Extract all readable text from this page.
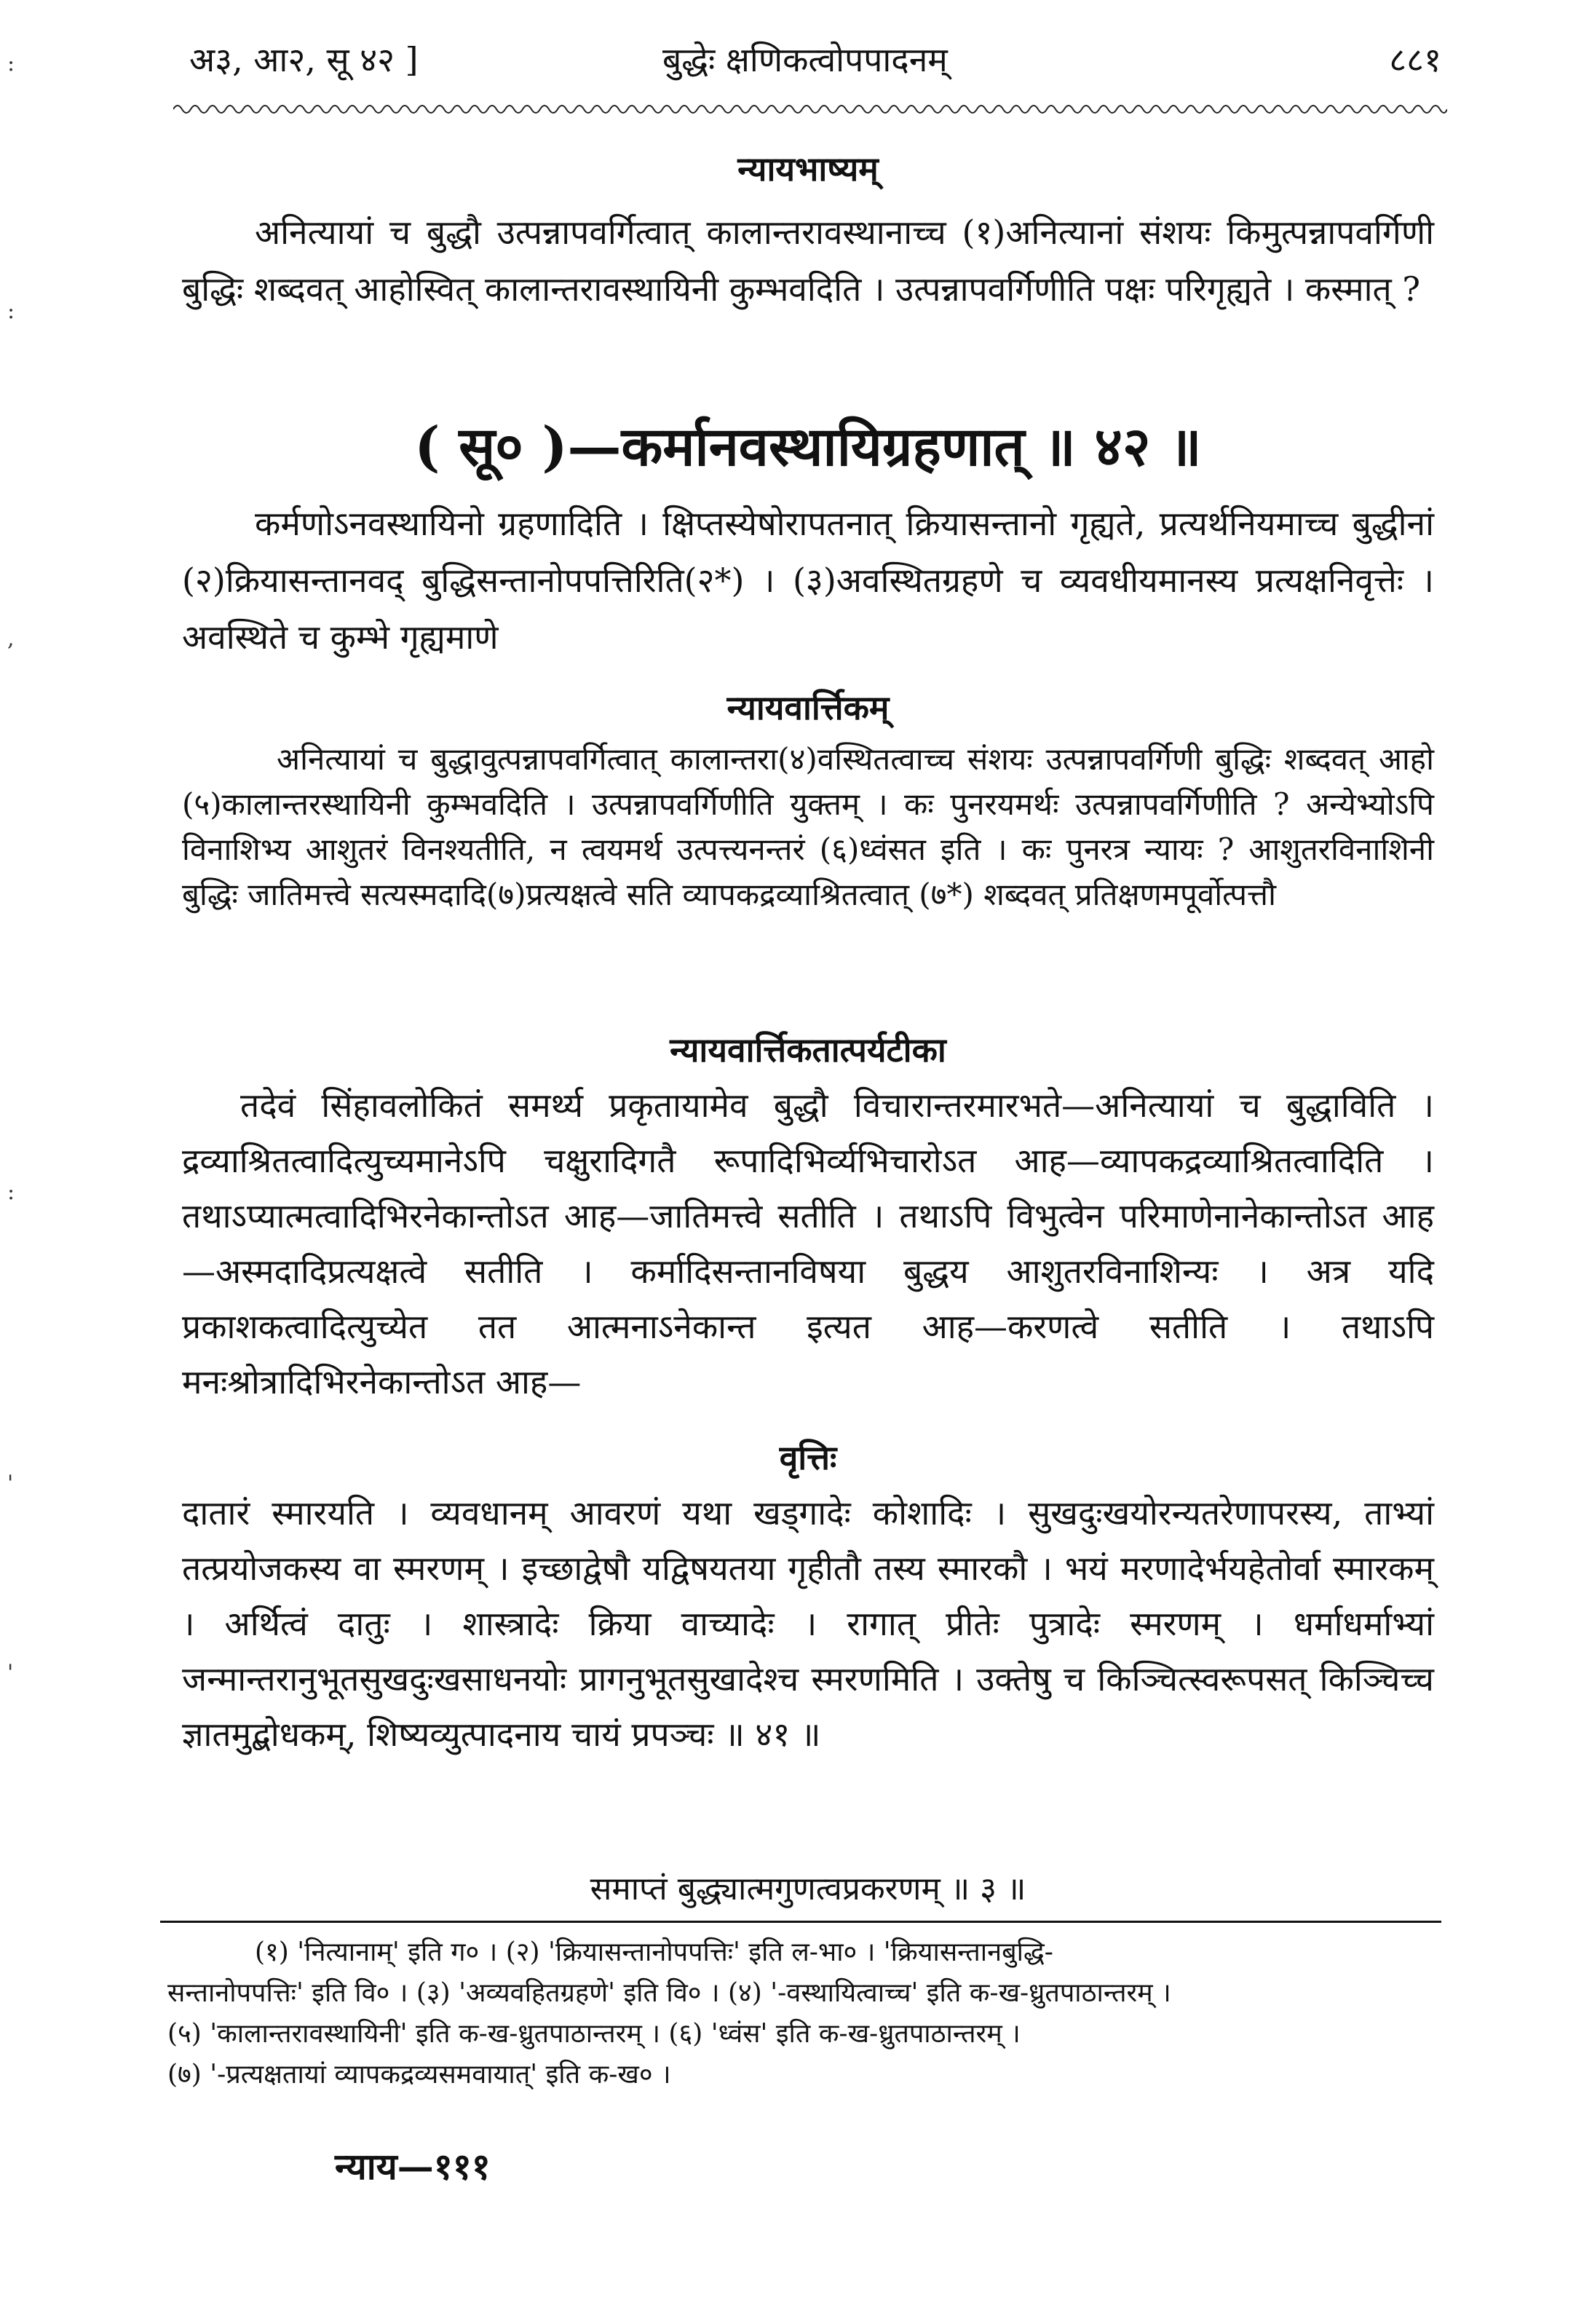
अ३, आ२, सू ४२ ]	बुद्धेः क्षणिकत्वोपपादनम्	८८१

न्यायभाष्यम्

अनित्यायां च बुद्धौ उत्पन्नापवर्गित्वात् कालान्तरावस्थानाच्च (१)अनित्यानां संशयः किमुत्पन्नापवर्गिणी बुद्धिः शब्दवत् आहोस्वित् कालान्तरावस्थायिनी कुम्भवदिति । उत्पन्नापवर्गिणीति पक्षः परिगृह्यते । कस्मात् ?

( सू० )—कर्मानवस्थायिग्रहणात् ॥ ४२ ॥

कर्मणोऽनवस्थायिनो ग्रहणादिति । क्षिप्तस्येषोरापतनात् क्रियासन्तानो गृह्यते, प्रत्यर्थनियमाच्च बुद्धीनां (२)क्रियासन्तानवद् बुद्धिसन्तानोपपत्तिरिति(२*) । (३)अवस्थितग्रहणे च व्यवधीयमानस्य प्रत्यक्षनिवृत्तेः । अवस्थिते च कुम्भे गृह्यमाणे

न्यायवार्त्तिकम्

अनित्यायां च बुद्धावुत्पन्नापवर्गित्वात् कालान्तरा(४)वस्थितत्वाच्च संशयः उत्पन्नापवर्गिणी बुद्धिः शब्दवत् आहो (५)कालान्तरस्थायिनी कुम्भवदिति । उत्पन्नापवर्गिणीति युक्तम् । कः पुनरयमर्थः उत्पन्नापवर्गिणीति ? अन्येभ्योऽपि विनाशिभ्य आशुतरं विनश्यतीति, न त्वयमर्थ उत्पत्त्यनन्तरं (६)ध्वंसत इति । कः पुनरत्र न्यायः ? आशुतरविनाशिनी बुद्धिः जातिमत्त्वे सत्यस्मदादि(७)प्रत्यक्षत्वे सति व्यापकद्रव्याश्रितत्वात् (७*) शब्दवत् प्रतिक्षणमपूर्वोत्पत्तौ

न्यायवार्त्तिकतात्पर्यटीका

तदेवं सिंहावलोकितं समर्थ्य प्रकृतायामेव बुद्धौ विचारान्तरमारभते—अनित्यायां च बुद्धाविति । द्रव्याश्रितत्वादित्युच्यमानेऽपि चक्षुरादिगतै रूपादिभिर्व्यभिचारोऽत आह—व्यापकद्रव्याश्रितत्वादिति । तथाऽप्यात्मत्वादिभिरनेकान्तोऽत आह—जातिमत्त्वे सतीति । तथाऽपि विभुत्वेन परिमाणेनानेकान्तोऽत आह—अस्मदादिप्रत्यक्षत्वे सतीति । कर्मादिसन्तानविषया बुद्धय आशुतरविनाशिन्यः । अत्र यदि प्रकाशकत्वादित्युच्येत तत आत्मनाऽनेकान्त इत्यत आह—करणत्वे सतीति । तथाऽपि मनःश्रोत्रादिभिरनेकान्तोऽत आह—

वृत्तिः

दातारं स्मारयति । व्यवधानम् आवरणं यथा खड्गादेः कोशादिः । सुखदुःखयोरन्यतरेणापरस्य, ताभ्यां तत्प्रयोजकस्य वा स्मरणम् । इच्छाद्वेषौ यद्विषयतया गृहीतौ तस्य स्मारकौ । भयं मरणादेर्भयहेतोर्वा स्मारकम् । अर्थित्वं दातुः । शास्त्रादेः क्रिया वाच्यादेः । रागात् प्रीतेः पुत्रादेः स्मरणम् । धर्माधर्माभ्यां जन्मान्तरानुभूतसुखदुःखसाधनयोः प्रागनुभूतसुखादेश्च स्मरणमिति । उक्तेषु च किञ्चित्स्वरूपसत् किञ्चिच्च ज्ञातमुद्बोधकम्, शिष्यव्युत्पादनाय चायं प्रपञ्चः ॥ ४१ ॥

समाप्तं बुद्ध्यात्मगुणत्वप्रकरणम् ॥ ३ ॥

(१) 'नित्यानाम्' इति ग० । (२) 'क्रियासन्तानोपपत्तिः' इति ल-भा० । 'क्रियासन्तानबुद्धि-

सन्तानोपपत्तिः' इति वि० । (३) 'अव्यवहितग्रहणे' इति वि० । (४) '-वस्थायित्वाच्च' इति क-ख-ध्रुतपाठान्तरम् ।

(५) 'कालान्तरावस्थायिनी' इति क-ख-ध्रुतपाठान्तरम् । (६) 'ध्वंस' इति क-ख-ध्रुतपाठान्तरम् ।

(७) '-प्रत्यक्षतायां व्यापकद्रव्यसमवायात्' इति क-ख० ।

न्याय—१११
:
:
,
:
'
'
